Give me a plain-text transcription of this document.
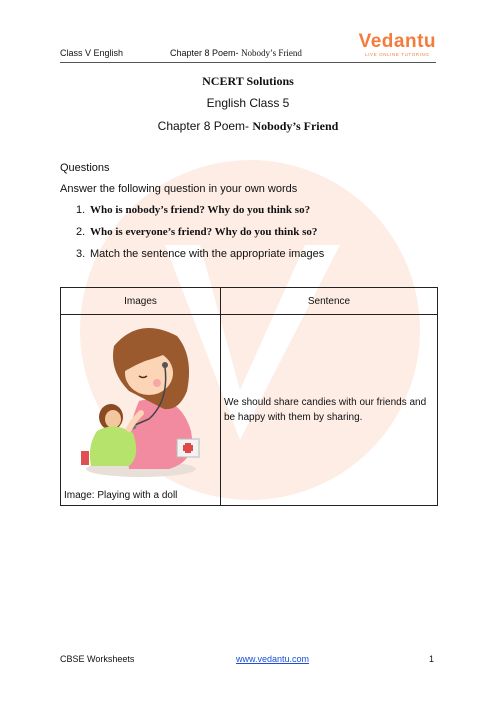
Class V English	Chapter 8 Poem- Nobody’s Friend
Vedantu
LIVE ONLINE TUTORING
NCERT Solutions
English Class 5
Chapter 8 Poem- Nobody’s Friend
Questions
Answer the following question in your own words
1. Who is nobody’s friend? Why do you think so?
2. Who is everyone’s friend? Why do you think so?
3. Match the sentence with the appropriate images
Images	Sentence

Image: Playing with a doll	We should share candies with our friends and be happy with them by sharing.
CBSE Worksheets	www.vedantu.com	1
